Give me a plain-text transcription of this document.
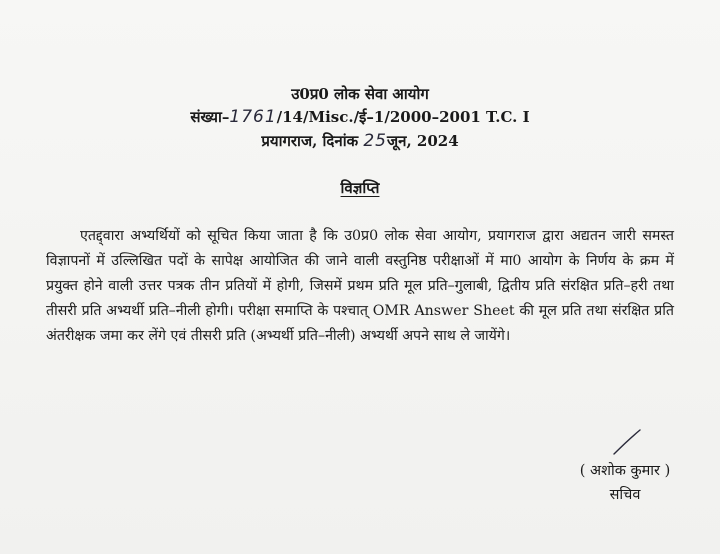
उ0प्र0 लोक सेवा आयोग
संख्या–1761/14/Misc./ई–1/2000–2001 T.C. I
प्रयागराज, दिनांक 25जून, 2024
विज्ञप्ति

एतद्द्वारा अभ्यर्थियों को सूचित किया जाता है कि उ0प्र0 लोक सेवा आयोग, प्रयागराज द्वारा अद्यतन जारी समस्त विज्ञापनों में उल्लिखित पदों के सापेक्ष आयोजित की जाने वाली वस्तुनिष्ठ परीक्षाओं में मा0 आयोग के निर्णय के क्रम में प्रयुक्त होने वाली उत्तर पत्रक तीन प्रतियों में होगी, जिसमें प्रथम प्रति मूल प्रति–गुलाबी, द्वितीय प्रति संरक्षित प्रति–हरी तथा तीसरी प्रति अभ्यर्थी प्रति–नीली होगी। परीक्षा समाप्ति के पश्चात् OMR Answer Sheet की मूल प्रति तथा संरक्षित प्रति अंतरीक्षक जमा कर लेंगे एवं तीसरी प्रति (अभ्यर्थी प्रति–नीली) अभ्यर्थी अपने साथ ले जायेंगे।

( अशोक कुमार )
सचिव
